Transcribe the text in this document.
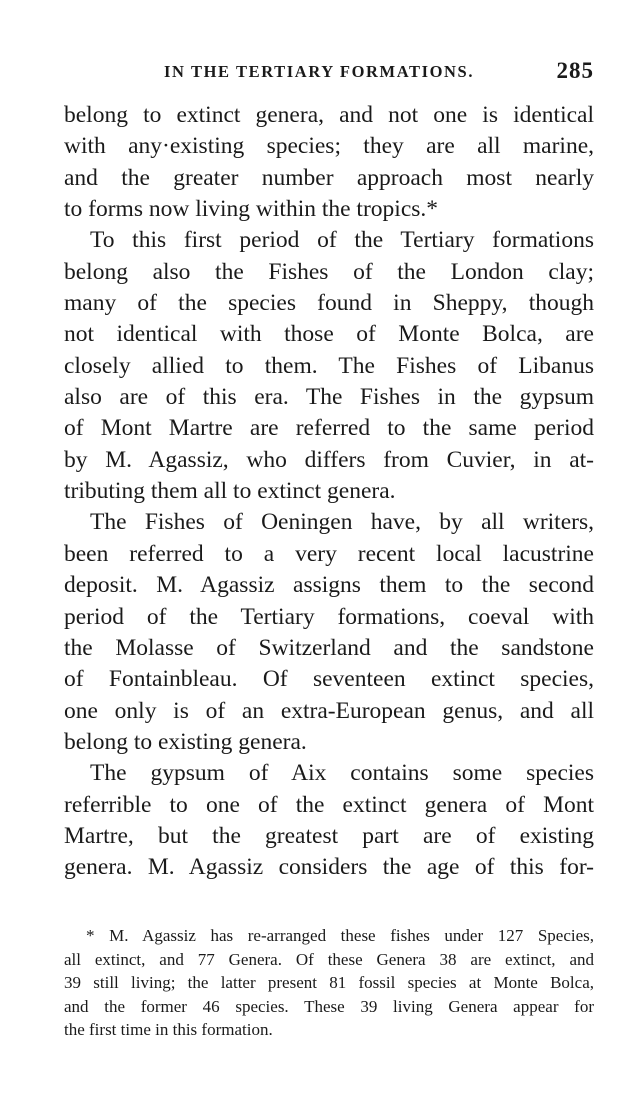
IN THE TERTIARY FORMATIONS.	285
belong to extinct genera, and not one is identical
with any·existing species; they are all marine,
and the greater number approach most nearly
to forms now living within the tropics.*
To this first period of the Tertiary formations
belong also the Fishes of the London clay;
many of the species found in Sheppy, though
not identical with those of Monte Bolca, are
closely allied to them. The Fishes of Libanus
also are of this era. The Fishes in the gypsum
of Mont Martre are referred to the same period
by M. Agassiz, who differs from Cuvier, in at-
tributing them all to extinct genera.
The Fishes of Oeningen have, by all writers,
been referred to a very recent local lacustrine
deposit. M. Agassiz assigns them to the second
period of the Tertiary formations, coeval with
the Molasse of Switzerland and the sandstone
of Fontainbleau. Of seventeen extinct species,
one only is of an extra-European genus, and all
belong to existing genera.
The gypsum of Aix contains some species
referrible to one of the extinct genera of Mont
Martre, but the greatest part are of existing
genera. M. Agassiz considers the age of this for-
* M. Agassiz has re-arranged these fishes under 127 Species,
all extinct, and 77 Genera. Of these Genera 38 are extinct, and
39 still living; the latter present 81 fossil species at Monte Bolca,
and the former 46 species. These 39 living Genera appear for
the first time in this formation.
